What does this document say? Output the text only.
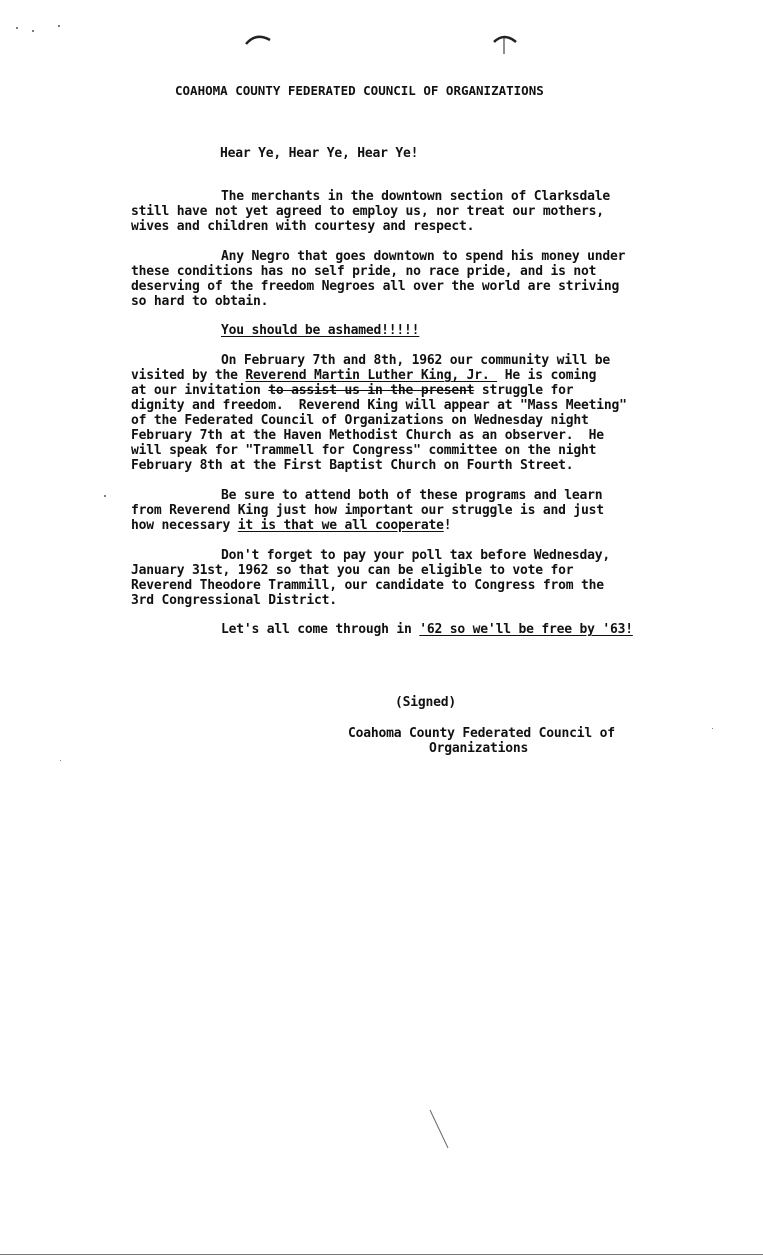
COAHOMA COUNTY FEDERATED COUNCIL OF ORGANIZATIONS
Hear Ye, Hear Ye, Hear Ye!
The merchants in the downtown section of Clarksdale
still have not yet agreed to employ us, nor treat our mothers,
wives and children with courtesy and respect.
Any Negro that goes downtown to spend his money under
these conditions has no self pride, no race pride, and is not
deserving of the freedom Negroes all over the world are striving
so hard to obtain.
You should be ashamed!!!!!
On February 7th and 8th, 1962 our community will be
visited by the Reverend Martin Luther King, Jr.  He is coming
at our invitation to assist us in the present struggle for
dignity and freedom.  Reverend King will appear at "Mass Meeting"
of the Federated Council of Organizations on Wednesday night
February 7th at the Haven Methodist Church as an observer.  He
will speak for "Trammell for Congress" committee on the night
February 8th at the First Baptist Church on Fourth Street.
Be sure to attend both of these programs and learn
from Reverend King just how important our struggle is and just
how necessary it is that we all cooperate!
Don't forget to pay your poll tax before Wednesday,
January 31st, 1962 so that you can be eligible to vote for
Reverend Theodore Trammill, our candidate to Congress from the
3rd Congressional District.
Let's all come through in '62 so we'll be free by '63!
(Signed)
Coahoma County Federated Council of
Organizations
